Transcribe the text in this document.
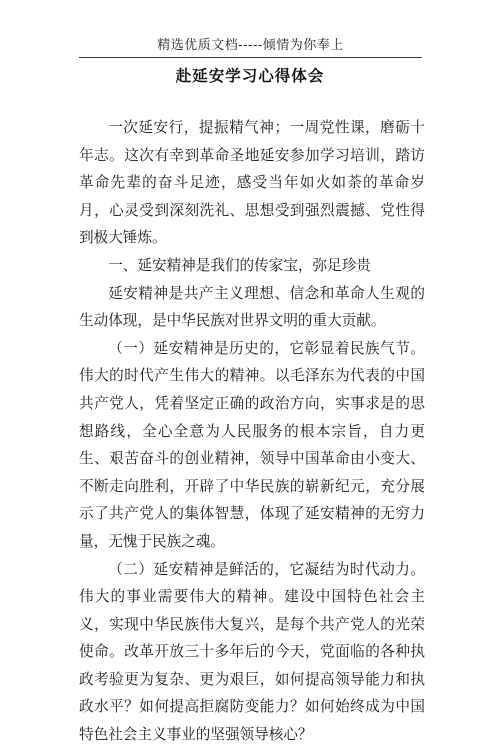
精选优质文档-----倾情为你奉上
赴延安学习心得体会

一次延安行，提振精气神；一周党性课，磨砺十年志。这次有幸到革命圣地延安参加学习培训，踏访革命先辈的奋斗足迹，感受当年如火如荼的革命岁月，心灵受到深刻洗礼、思想受到强烈震撼、党性得到极大锤炼。

一、延安精神是我们的传家宝，弥足珍贵

延安精神是共产主义理想、信念和革命人生观的生动体现，是中华民族对世界文明的重大贡献。

（一）延安精神是历史的，它彰显着民族气节。伟大的时代产生伟大的精神。以毛泽东为代表的中国共产党人，凭着坚定正确的政治方向，实事求是的思想路线，全心全意为人民服务的根本宗旨，自力更生、艰苦奋斗的创业精神，领导中国革命由小变大、不断走向胜利，开辟了中华民族的崭新纪元，充分展示了共产党人的集体智慧，体现了延安精神的无穷力量，无愧于民族之魂。

（二）延安精神是鲜活的，它凝结为时代动力。伟大的事业需要伟大的精神。建设中国特色社会主义，实现中华民族伟大复兴，是每个共产党人的光荣使命。改革开放三十多年后的今天，党面临的各种执政考验更为复杂、更为艰巨，如何提高领导能力和执政水平？如何提高拒腐防变能力？如何始终成为中国特色社会主义事业的坚强领导核心？
